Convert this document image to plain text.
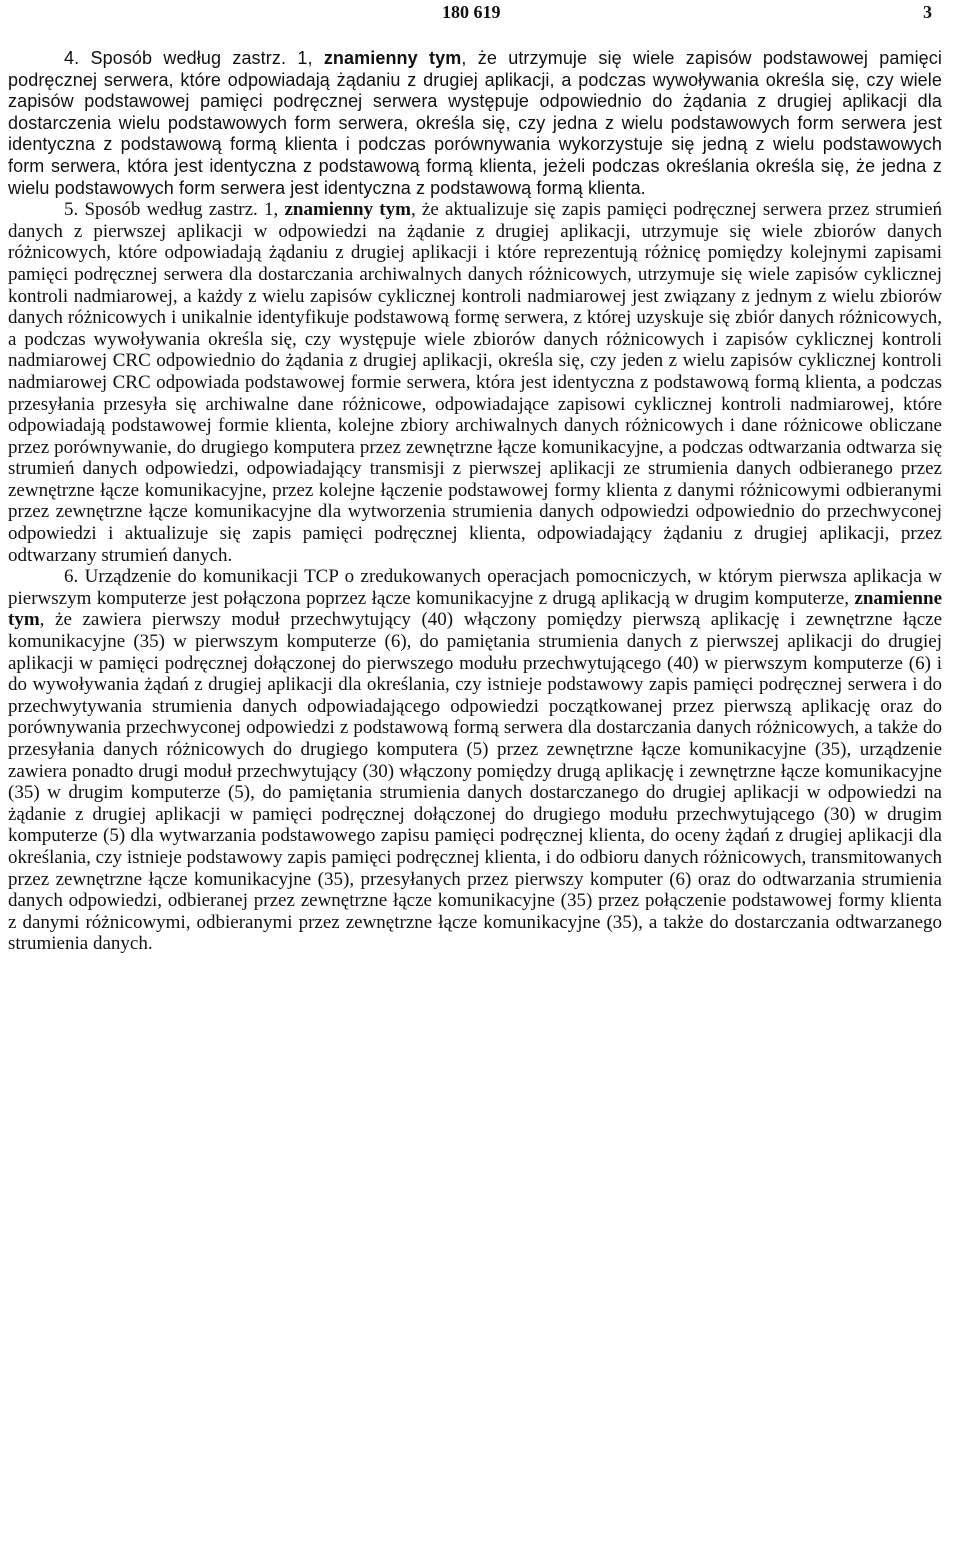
180 619	3

4. Sposób według zastrz. 1, znamienny tym, że utrzymuje się wiele zapisów podstawowej pamięci podręcznej serwera, które odpowiadają żądaniu z drugiej aplikacji, a podczas wywoływania określa się, czy wiele zapisów podstawowej pamięci podręcznej serwera występuje odpowiednio do żądania z drugiej aplikacji dla dostarczenia wielu podstawowych form serwera, określa się, czy jedna z wielu podstawowych form serwera jest identyczna z podstawową formą klienta i podczas porównywania wykorzystuje się jedną z wielu podstawowych form serwera, która jest identyczna z podstawową formą klienta, jeżeli podczas określania określa się, że jedna z wielu podstawowych form serwera jest identyczna z podstawową formą klienta.

5. Sposób według zastrz. 1, znamienny tym, że aktualizuje się zapis pamięci podręcznej serwera przez strumień danych z pierwszej aplikacji w odpowiedzi na żądanie z drugiej aplikacji, utrzymuje się wiele zbiorów danych różnicowych, które odpowiadają żądaniu z drugiej aplikacji i które reprezentują różnicę pomiędzy kolejnymi zapisami pamięci podręcznej serwera dla dostarczania archiwalnych danych różnicowych, utrzymuje się wiele zapisów cyklicznej kontroli nadmiarowej, a każdy z wielu zapisów cyklicznej kontroli nadmiarowej jest związany z jednym z wielu zbiorów danych różnicowych i unikalnie identyfikuje podstawową formę serwera, z której uzyskuje się zbiór danych różnicowych, a podczas wywoływania określa się, czy występuje wiele zbiorów danych różnicowych i zapisów cyklicznej kontroli nadmiarowej CRC odpowiednio do żądania z drugiej aplikacji, określa się, czy jeden z wielu zapisów cyklicznej kontroli nadmiarowej CRC odpowiada podstawowej formie serwera, która jest identyczna z podstawową formą klienta, a podczas przesyłania przesyła się archiwalne dane różnicowe, odpowiadające zapisowi cyklicznej kontroli nadmiarowej, które odpowiadają podstawowej formie klienta, kolejne zbiory archiwalnych danych różnicowych i dane różnicowe obliczane przez porównywanie, do drugiego komputera przez zewnętrzne łącze komunikacyjne, a podczas odtwarzania odtwarza się strumień danych odpowiedzi, odpowiadający transmisji z pierwszej aplikacji ze strumienia danych odbieranego przez zewnętrzne łącze komunikacyjne, przez kolejne łączenie podstawowej formy klienta z danymi różnicowymi odbieranymi przez zewnętrzne łącze komunikacyjne dla wytworzenia strumienia danych odpowiedzi odpowiednio do przechwyconej odpowiedzi i aktualizuje się zapis pamięci podręcznej klienta, odpowiadający żądaniu z drugiej aplikacji, przez odtwarzany strumień danych.

6. Urządzenie do komunikacji TCP o zredukowanych operacjach pomocniczych, w którym pierwsza aplikacja w pierwszym komputerze jest połączona poprzez łącze komunikacyjne z drugą aplikacją w drugim komputerze, znamienne tym, że zawiera pierwszy moduł przechwytujący (40) włączony pomiędzy pierwszą aplikację i zewnętrzne łącze komunikacyjne (35) w pierwszym komputerze (6), do pamiętania strumienia danych z pierwszej aplikacji do drugiej aplikacji w pamięci podręcznej dołączonej do pierwszego modułu przechwytującego (40) w pierwszym komputerze (6) i do wywoływania żądań z drugiej aplikacji dla określania, czy istnieje podstawowy zapis pamięci podręcznej serwera i do przechwytywania strumienia danych odpowiadającego odpowiedzi początkowanej przez pierwszą aplikację oraz do porównywania przechwyconej odpowiedzi z podstawową formą serwera dla dostarczania danych różnicowych, a także do przesyłania danych różnicowych do drugiego komputera (5) przez zewnętrzne łącze komunikacyjne (35), urządzenie zawiera ponadto drugi moduł przechwytujący (30) włączony pomiędzy drugą aplikację i zewnętrzne łącze komunikacyjne (35) w drugim komputerze (5), do pamiętania strumienia danych dostarczanego do drugiej aplikacji w odpowiedzi na żądanie z drugiej aplikacji w pamięci podręcznej dołączonej do drugiego modułu przechwytującego (30) w drugim komputerze (5) dla wytwarzania podstawowego zapisu pamięci podręcznej klienta, do oceny żądań z drugiej aplikacji dla określania, czy istnieje podstawowy zapis pamięci podręcznej klienta, i do odbioru danych różnicowych, transmitowanych przez zewnętrzne łącze komunikacyjne (35), przesyłanych przez pierwszy komputer (6) oraz do odtwarzania strumienia danych odpowiedzi, odbieranej przez zewnętrzne łącze komunikacyjne (35) przez połączenie podstawowej formy klienta z danymi różnicowymi, odbieranymi przez zewnętrzne łącze komunikacyjne (35), a także do dostarczania odtwarzanego strumienia danych.
